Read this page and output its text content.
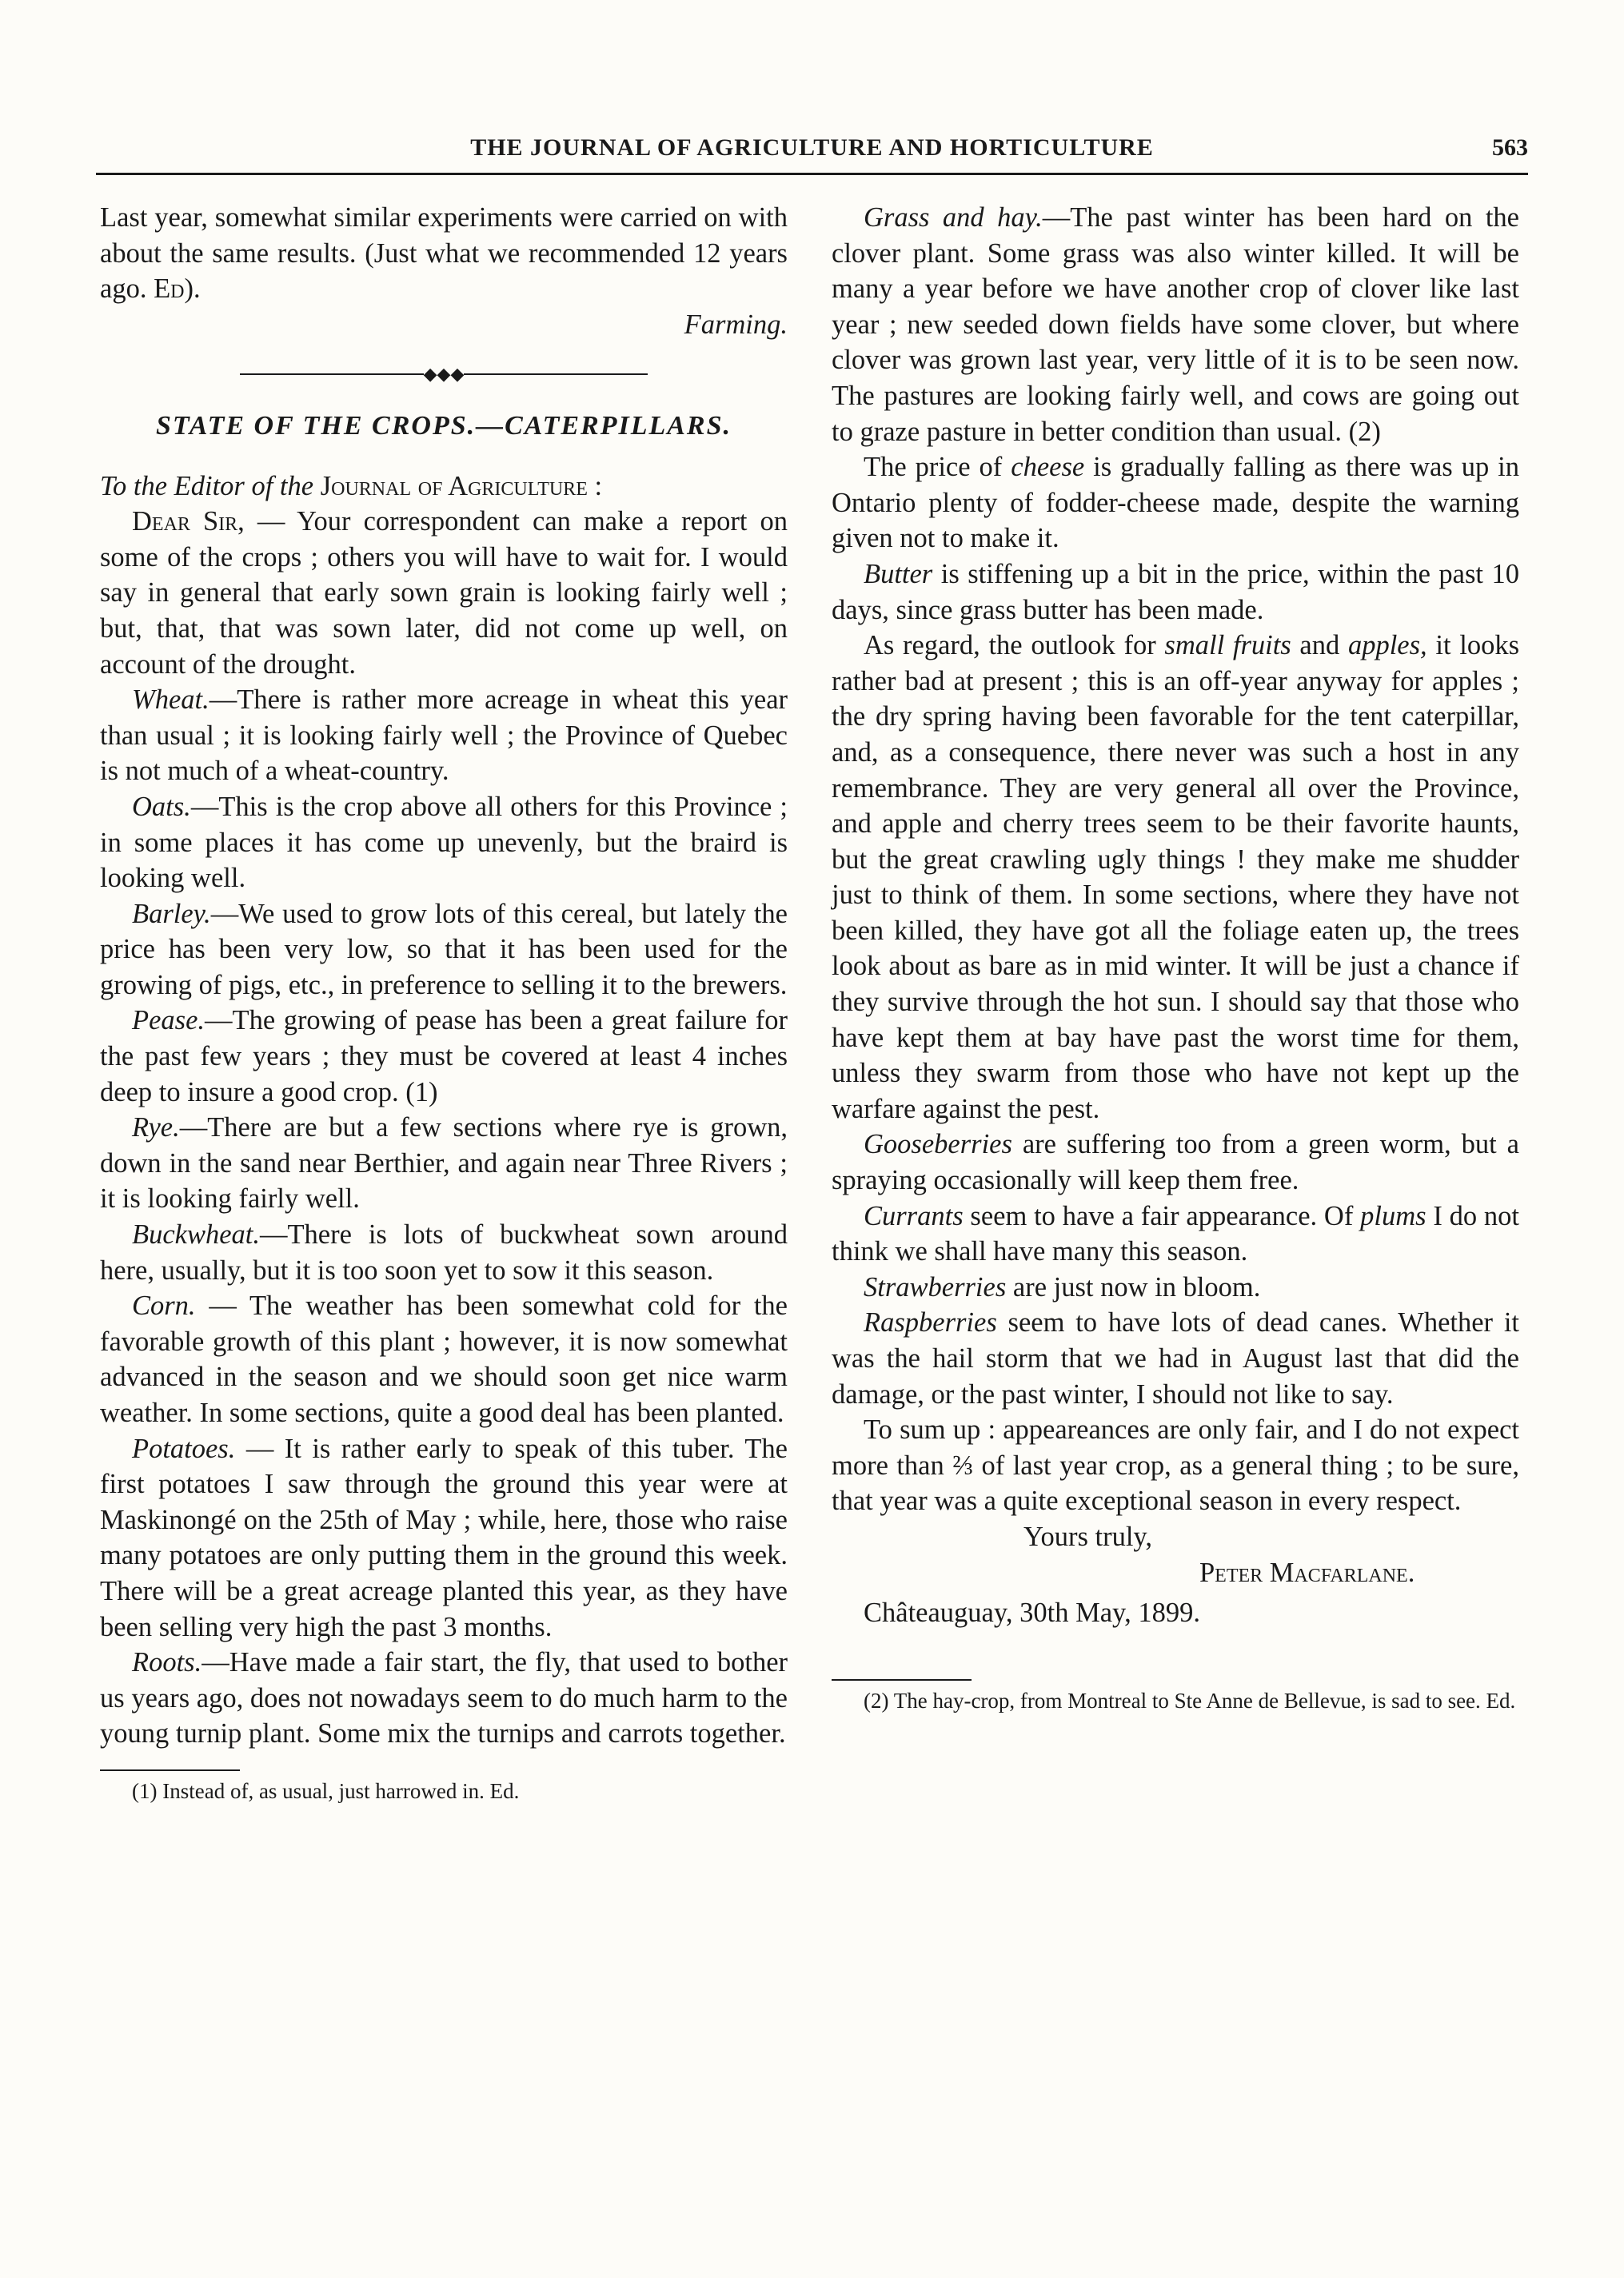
THE JOURNAL OF AGRICULTURE AND HORTICULTURE	563

Last year, somewhat similar experiments were carried on with about the same results. (Just what we recommended 12 years ago. Ed).

Farming.

◆◆◆
STATE OF THE CROPS.—CATERPILLARS.

To the Editor of the Journal of Agriculture :

Dear Sir, — Your correspondent can make a report on some of the crops ; others you will have to wait for. I would say in general that early sown grain is looking fairly well ; but, that, that was sown later, did not come up well, on account of the drought.

Wheat.—There is rather more acreage in wheat this year than usual ; it is looking fairly well ; the Province of Quebec is not much of a wheat-country.

Oats.—This is the crop above all others for this Province ; in some places it has come up unevenly, but the braird is looking well.

Barley.—We used to grow lots of this cereal, but lately the price has been very low, so that it has been used for the growing of pigs, etc., in preference to selling it to the brewers.

Pease.—The growing of pease has been a great failure for the past few years ; they must be covered at least 4 inches deep to insure a good crop. (1)

Rye.—There are but a few sections where rye is grown, down in the sand near Berthier, and again near Three Rivers ; it is looking fairly well.

Buckwheat.—There is lots of buckwheat sown around here, usually, but it is too soon yet to sow it this season.

Corn. — The weather has been somewhat cold for the favorable growth of this plant ; however, it is now somewhat advanced in the season and we should soon get nice warm weather. In some sections, quite a good deal has been planted.

Potatoes. — It is rather early to speak of this tuber. The first potatoes I saw through the ground this year were at Maskinongé on the 25th of May ; while, here, those who raise many potatoes are only putting them in the ground this week. There will be a great acreage planted this year, as they have been selling very high the past 3 months.

Roots.—Have made a fair start, the fly, that used to bother us years ago, does not nowadays seem to do much harm to the young turnip plant. Some mix the turnips and carrots together.

(1) Instead of, as usual, just harrowed in. Ed.

Grass and hay.—The past winter has been hard on the clover plant. Some grass was also winter killed. It will be many a year before we have another crop of clover like last year ; new seeded down fields have some clover, but where clover was grown last year, very little of it is to be seen now. The pastures are looking fairly well, and cows are going out to graze pasture in better condition than usual. (2)

The price of cheese is gradually falling as there was up in Ontario plenty of fodder-cheese made, despite the warning given not to make it.

Butter is stiffening up a bit in the price, within the past 10 days, since grass butter has been made.

As regard, the outlook for small fruits and apples, it looks rather bad at present ; this is an off-year anyway for apples ; the dry spring having been favorable for the tent caterpillar, and, as a consequence, there never was such a host in any remembrance. They are very general all over the Province, and apple and cherry trees seem to be their favorite haunts, but the great crawling ugly things ! they make me shudder just to think of them. In some sections, where they have not been killed, they have got all the foliage eaten up, the trees look about as bare as in mid winter. It will be just a chance if they survive through the hot sun. I should say that those who have kept them at bay have past the worst time for them, unless they swarm from those who have not kept up the warfare against the pest.

Gooseberries are suffering too from a green worm, but a spraying occasionally will keep them free.

Currants seem to have a fair appearance. Of plums I do not think we shall have many this season.

Strawberries are just now in bloom.

Raspberries seem to have lots of dead canes. Whether it was the hail storm that we had in August last that did the damage, or the past winter, I should not like to say.

To sum up : appeareances are only fair, and I do not expect more than ⅔ of last year crop, as a general thing ; to be sure, that year was a quite exceptional season in every respect.

Yours truly,

Peter Macfarlane.

Châteauguay, 30th May, 1899.

(2) The hay-crop, from Montreal to Ste Anne de Bellevue, is sad to see. Ed.
